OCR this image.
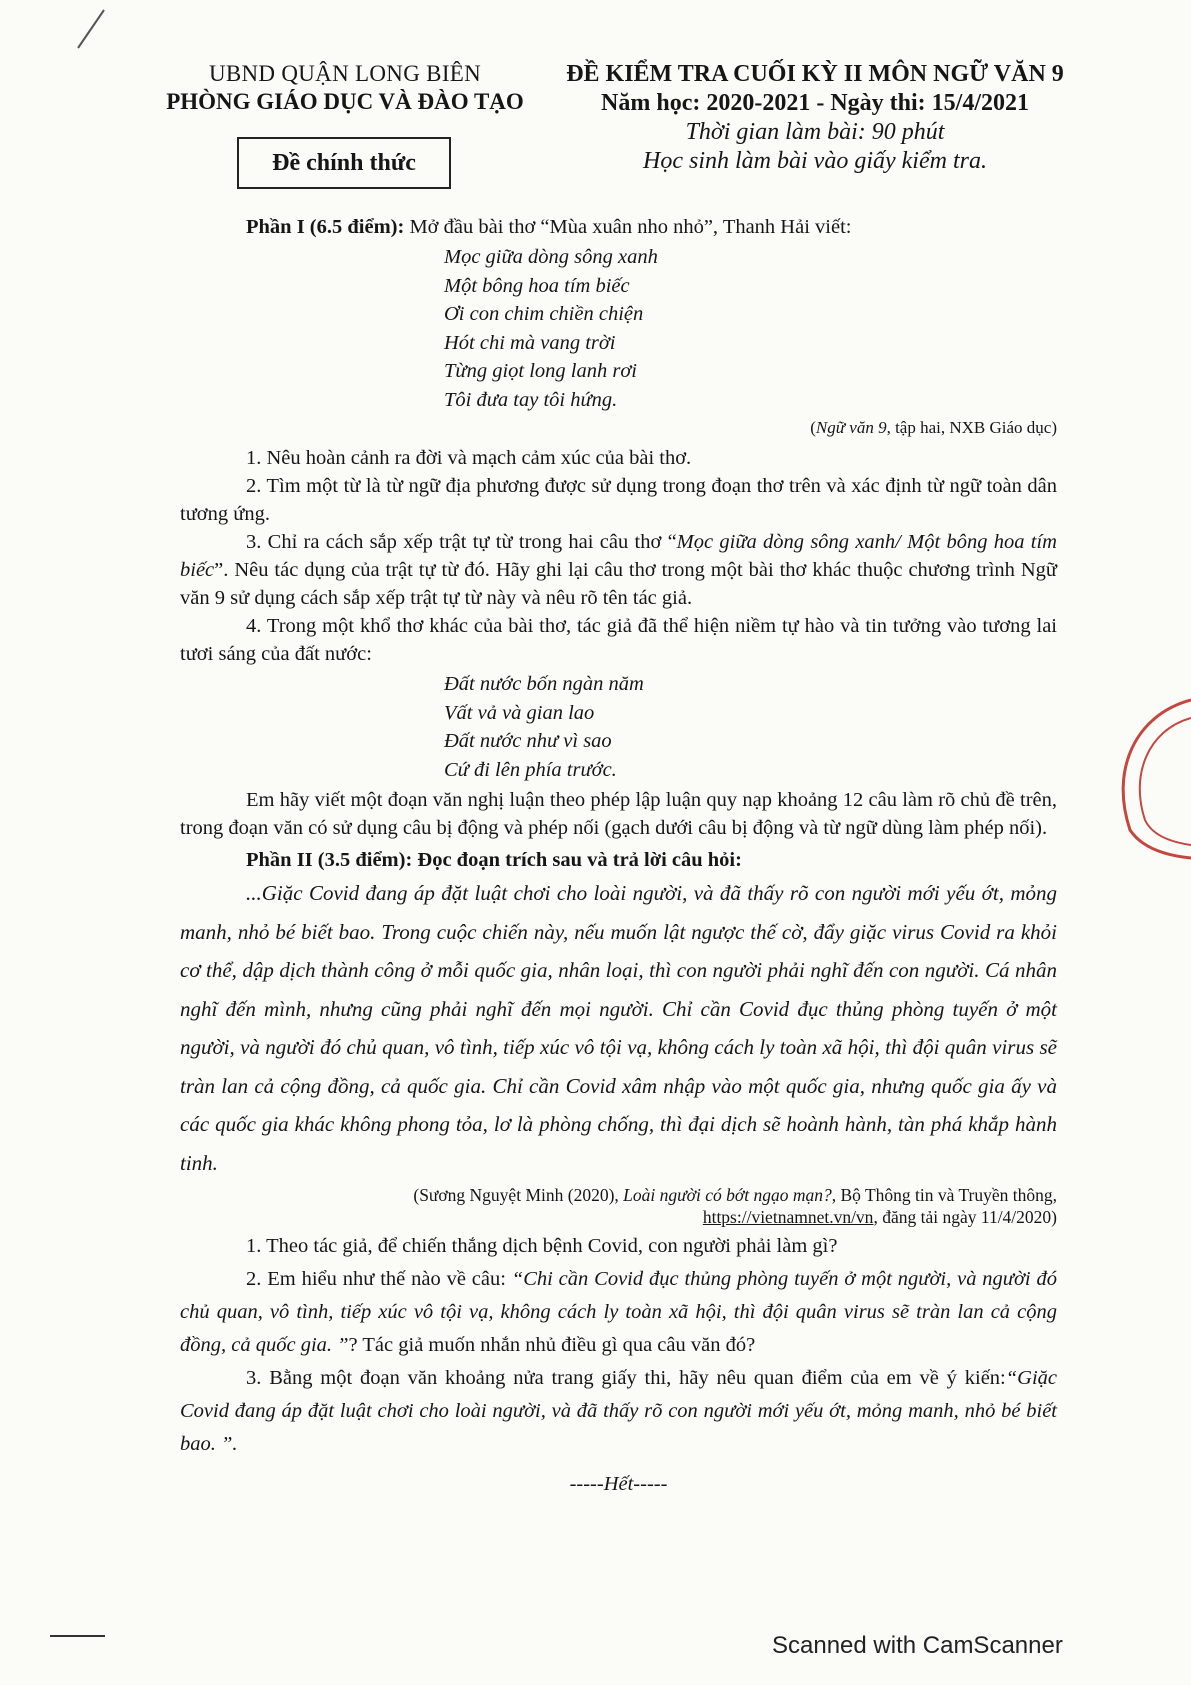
UBND QUẬN LONG BIÊN
PHÒNG GIÁO DỤC VÀ ĐÀO TẠO
Đề chính thức
ĐỀ KIỂM TRA CUỐI KỲ II MÔN NGỮ VĂN 9
Năm học: 2020-2021 - Ngày thi: 15/4/2021
Thời gian làm bài: 90 phút
Học sinh làm bài vào giấy kiểm tra.

Phần I (6.5 điểm): Mở đầu bài thơ “Mùa xuân nho nhỏ”, Thanh Hải viết:

Mọc giữa dòng sông xanh
Một bông hoa tím biếc
Ơi con chim chiền chiện
Hót chi mà vang trời
Từng giọt long lanh rơi
Tôi đưa tay tôi hứng.

(Ngữ văn 9, tập hai, NXB Giáo dục)

1. Nêu hoàn cảnh ra đời và mạch cảm xúc của bài thơ.

2. Tìm một từ là từ ngữ địa phương được sử dụng trong đoạn thơ trên và xác định từ ngữ toàn dân tương ứng.

3. Chỉ ra cách sắp xếp trật tự từ trong hai câu thơ “Mọc giữa dòng sông xanh/ Một bông hoa tím biếc”. Nêu tác dụng của trật tự từ đó. Hãy ghi lại câu thơ trong một bài thơ khác thuộc chương trình Ngữ văn 9 sử dụng cách sắp xếp trật tự từ này và nêu rõ tên tác giả.

4. Trong một khổ thơ khác của bài thơ, tác giả đã thể hiện niềm tự hào và tin tưởng vào tương lai tươi sáng của đất nước:

Đất nước bốn ngàn năm
Vất vả và gian lao
Đất nước như vì sao
Cứ đi lên phía trước.

Em hãy viết một đoạn văn nghị luận theo phép lập luận quy nạp khoảng 12 câu làm rõ chủ đề trên, trong đoạn văn có sử dụng câu bị động và phép nối (gạch dưới câu bị động và từ ngữ dùng làm phép nối).

Phần II (3.5 điểm): Đọc đoạn trích sau và trả lời câu hỏi:

...Giặc Covid đang áp đặt luật chơi cho loài người, và đã thấy rõ con người mới yếu ớt, mỏng manh, nhỏ bé biết bao. Trong cuộc chiến này, nếu muốn lật ngược thế cờ, đẩy giặc virus Covid ra khỏi cơ thể, dập dịch thành công ở mỗi quốc gia, nhân loại, thì con người phải nghĩ đến con người. Cá nhân nghĩ đến mình, nhưng cũng phải nghĩ đến mọi người. Chỉ cần Covid đục thủng phòng tuyến ở một người, và người đó chủ quan, vô tình, tiếp xúc vô tội vạ, không cách ly toàn xã hội, thì đội quân virus sẽ tràn lan cả cộng đồng, cả quốc gia. Chỉ cần Covid xâm nhập vào một quốc gia, nhưng quốc gia ấy và các quốc gia khác không phong tỏa, lơ là phòng chống, thì đại dịch sẽ hoành hành, tàn phá khắp hành tinh.

(Sương Nguyệt Minh (2020), Loài người có bớt ngạo mạn?, Bộ Thông tin và Truyền thông,
https://vietnamnet.vn/vn, đăng tải ngày 11/4/2020)

1. Theo tác giả, để chiến thắng dịch bệnh Covid, con người phải làm gì?

2. Em hiểu như thế nào về câu: “Chi cần Covid đục thủng phòng tuyến ở một người, và người đó chủ quan, vô tình, tiếp xúc vô tội vạ, không cách ly toàn xã hội, thì đội quân virus sẽ tràn lan cả cộng đồng, cả quốc gia. ”? Tác giả muốn nhắn nhủ điều gì qua câu văn đó?

3. Bằng một đoạn văn khoảng nửa trang giấy thi, hãy nêu quan điểm của em về ý kiến:“Giặc Covid đang áp đặt luật chơi cho loài người, và đã thấy rõ con người mới yếu ớt, mỏng manh, nhỏ bé biết bao. ”.

-----Hết-----
Scanned with CamScanner
